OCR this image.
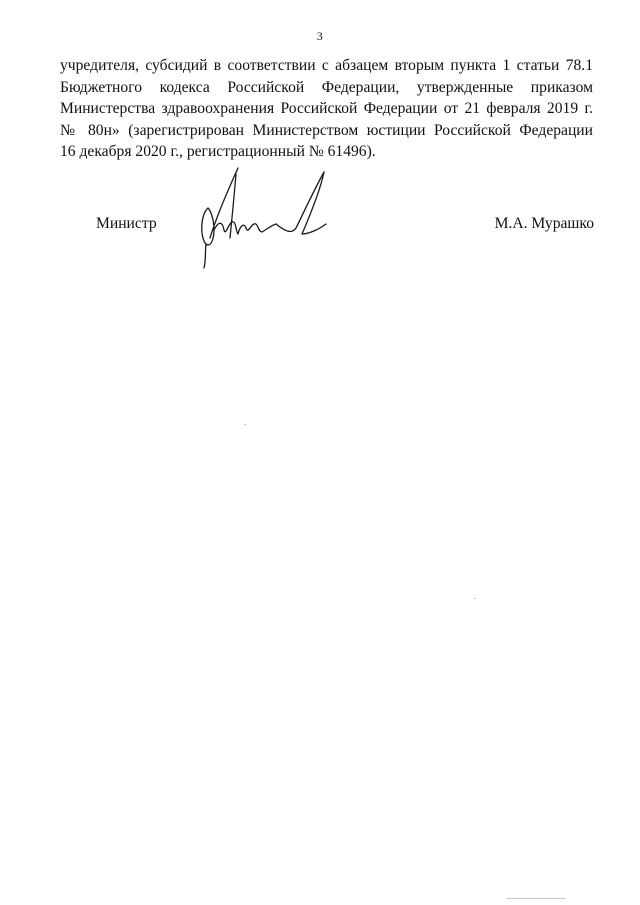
3
учредителя, субсидий в соответствии с абзацем вторым пункта 1 статьи 78.1
Бюджетного кодекса Российской Федерации, утвержденные приказом
Министерства здравоохранения Российской Федерации от 21 февраля 2019 г.
№ 80н» (зарегистрирован Министерством юстиции Российской Федерации
16 декабря 2020 г., регистрационный № 61496).
Министр	М.А. Мурашко
